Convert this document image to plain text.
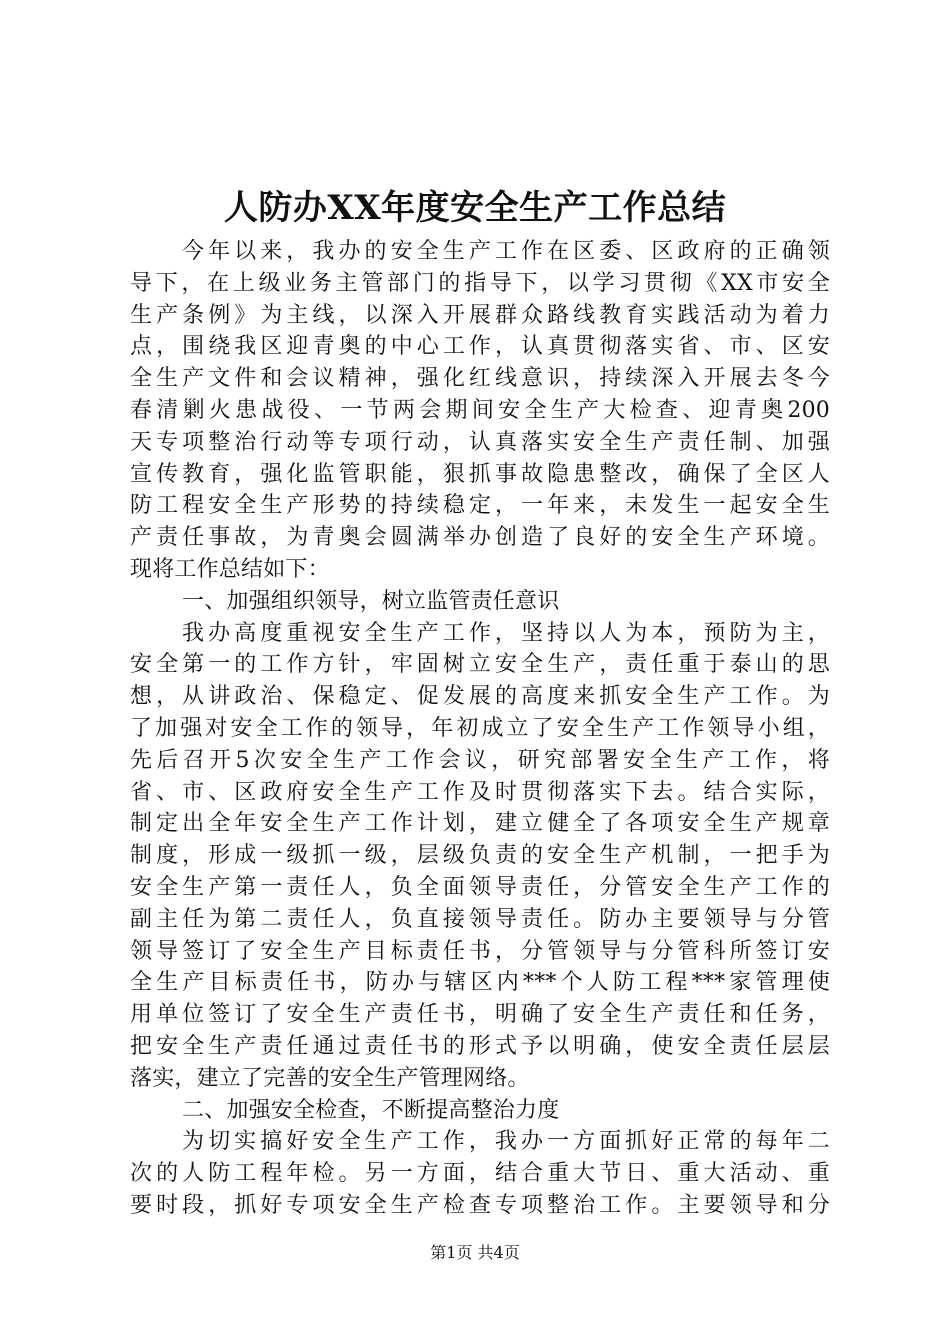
人防办XX年度安全生产工作总结
今年以来，我办的安全生产工作在区委、区政府的正确领
导下，在上级业务主管部门的指导下，以学习贯彻《XX市安全
生产条例》为主线，以深入开展群众路线教育实践活动为着力
点，围绕我区迎青奥的中心工作，认真贯彻落实省、市、区安
全生产文件和会议精神，强化红线意识，持续深入开展去冬今
春清剿火患战役、一节两会期间安全生产大检查、迎青奥200
天专项整治行动等专项行动，认真落实安全生产责任制、加强
宣传教育，强化监管职能，狠抓事故隐患整改，确保了全区人
防工程安全生产形势的持续稳定，一年来，未发生一起安全生
产责任事故，为青奥会圆满举办创造了良好的安全生产环境。
现将工作总结如下：
一、加强组织领导，树立监管责任意识
我办高度重视安全生产工作，坚持以人为本，预防为主，
安全第一的工作方针，牢固树立安全生产，责任重于泰山的思
想，从讲政治、保稳定、促发展的高度来抓安全生产工作。为
了加强对安全工作的领导，年初成立了安全生产工作领导小组，
先后召开5次安全生产工作会议，研究部署安全生产工作，将
省、市、区政府安全生产工作及时贯彻落实下去。结合实际，
制定出全年安全生产工作计划，建立健全了各项安全生产规章
制度，形成一级抓一级，层级负责的安全生产机制，一把手为
安全生产第一责任人，负全面领导责任，分管安全生产工作的
副主任为第二责任人，负直接领导责任。防办主要领导与分管
领导签订了安全生产目标责任书，分管领导与分管科所签订安
全生产目标责任书，防办与辖区内***个人防工程***家管理使
用单位签订了安全生产责任书，明确了安全生产责任和任务，
把安全生产责任通过责任书的形式予以明确，使安全责任层层
落实，建立了完善的安全生产管理网络。
二、加强安全检查，不断提高整治力度
为切实搞好安全生产工作，我办一方面抓好正常的每年二
次的人防工程年检。另一方面，结合重大节日、重大活动、重
要时段，抓好专项安全生产检查专项整治工作。主要领导和分
第1页 共4页
